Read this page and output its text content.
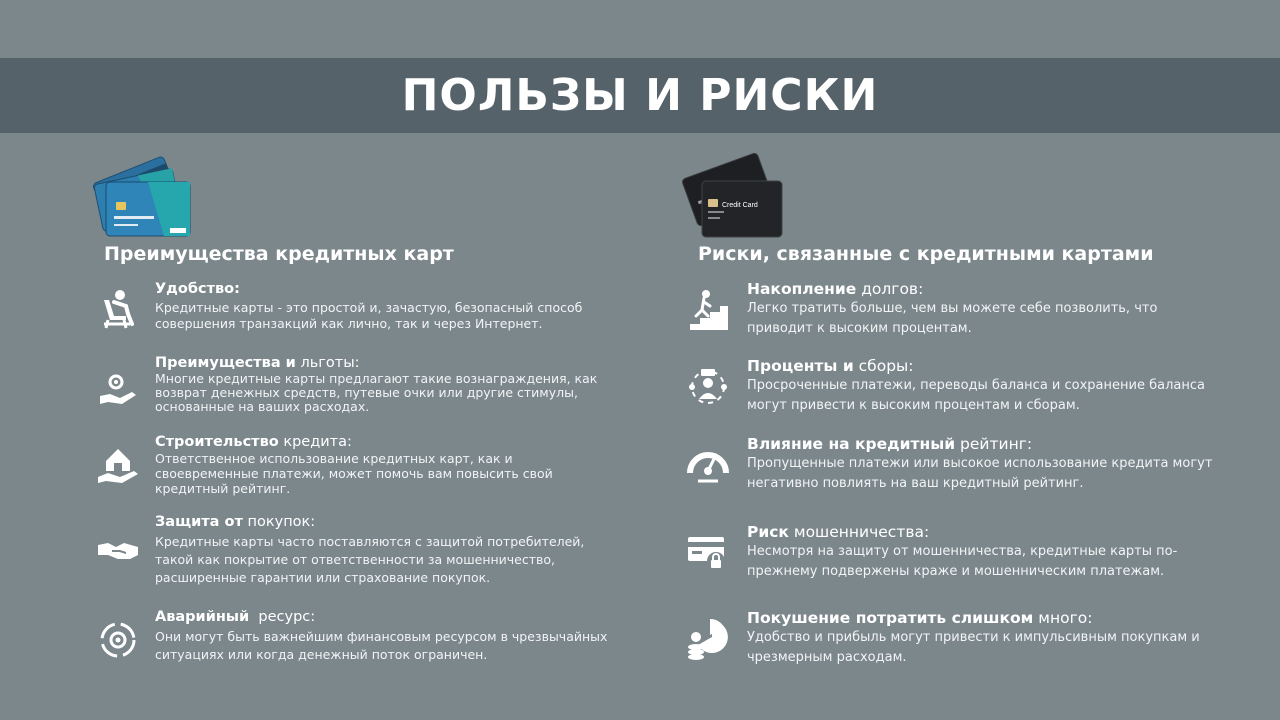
ПОЛЬЗЫ И РИСКИ
Преимущества кредитных карт
Удобство:
Кредитные карты - это простой и, зачастую, безопасный способ совершения транзакций как лично, так и через Интернет.
Преимущества и льготы:
Многие кредитные карты предлагают такие вознаграждения, как возврат денежных средств, путевые очки или другие стимулы, основанные на ваших расходах.
Строительство кредита:
Ответственное использование кредитных карт, как и своевременные платежи, может помочь вам повысить свой кредитный рейтинг.
Защита от покупок:
Кредитные карты часто поставляются с защитой потребителей, такой как покрытие от ответственности за мошенничество, расширенные гарантии или страхование покупок.
Аварийный ресурс:
Они могут быть важнейшим финансовым ресурсом в чрезвычайных ситуациях или когда денежный поток ограничен.
Credit Card
Риски, связанные с кредитными картами
Накопление долгов:
Легко тратить больше, чем вы можете себе позволить, что приводит к высоким процентам.
Проценты и сборы:
Просроченные платежи, переводы баланса и сохранение баланса могут привести к высоким процентам и сборам.
Влияние на кредитный рейтинг:
Пропущенные платежи или высокое использование кредита могут негативно повлиять на ваш кредитный рейтинг.
Риск мошенничества:
Несмотря на защиту от мошенничества, кредитные карты по-прежнему подвержены краже и мошенническим платежам.
Покушение потратить слишком много:
Удобство и прибыль могут привести к импульсивным покупкам и чрезмерным расходам.
